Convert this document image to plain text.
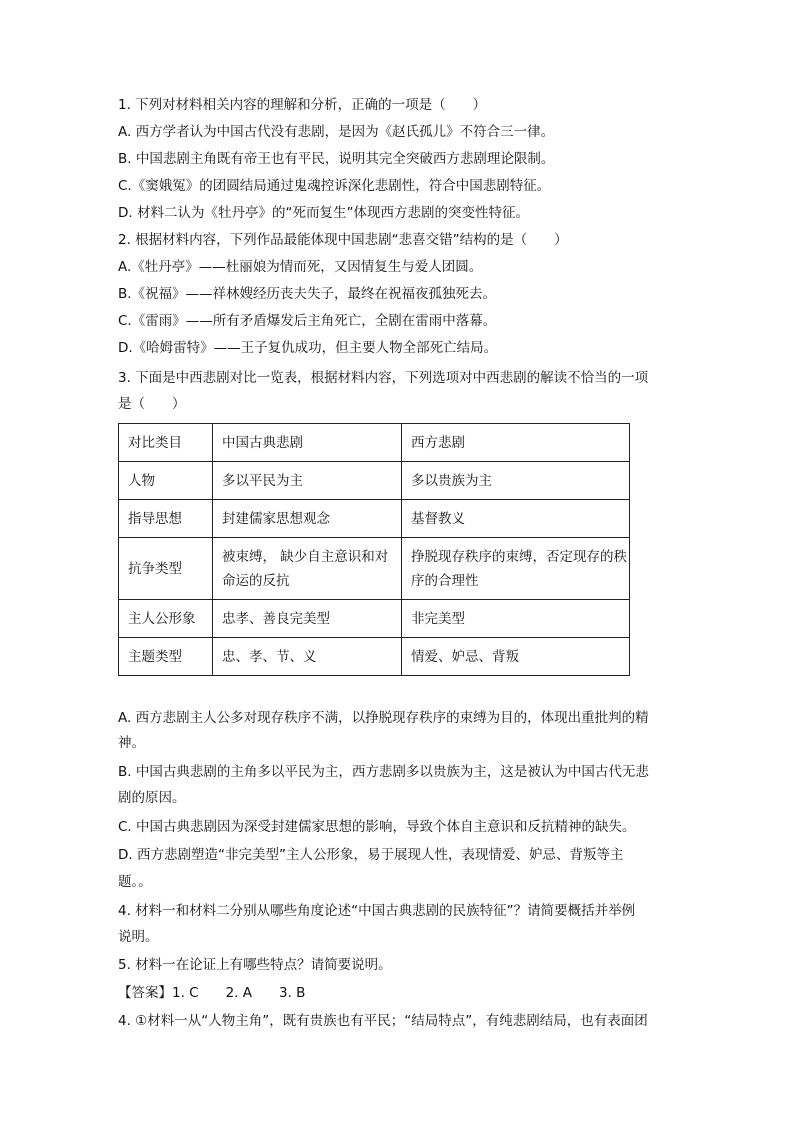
1. 下列对材料相关内容的理解和分析，正确的一项是（　　）
A. 西方学者认为中国古代没有悲剧，是因为《赵氏孤儿》不符合三一律。
B. 中国悲剧主角既有帝王也有平民，说明其完全突破西方悲剧理论限制。
C.《窦娥冤》的团圆结局通过鬼魂控诉深化悲剧性，符合中国悲剧特征。
D. 材料二认为《牡丹亭》的“死而复生”体现西方悲剧的突变性特征。
2. 根据材料内容，下列作品最能体现中国悲剧“悲喜交错”结构的是（　　）
A.《牡丹亭》——杜丽娘为情而死，又因情复生与爱人团圆。
B.《祝福》——祥林嫂经历丧夫失子，最终在祝福夜孤独死去。
C.《雷雨》——所有矛盾爆发后主角死亡，全剧在雷雨中落幕。
D.《哈姆雷特》——王子复仇成功，但主要人物全部死亡结局。
3. 下面是中西悲剧对比一览表，根据材料内容，下列选项对中西悲剧的解读不恰当的一项
是（　　）
对比类目	中国古典悲剧	西方悲剧
人物	多以平民为主	多以贵族为主
指导思想	封建儒家思想观念	基督教义
抗争类型	被束缚， 缺少自主意识和对命运的反抗	挣脱现存秩序的束缚，否定现存的秩序的合理性
主人公形象	忠孝、善良完美型	非完美型
主题类型	忠、孝、节、义	情爱、妒忌、背叛
A. 西方悲剧主人公多对现存秩序不满，以挣脱现存秩序的束缚为目的，体现出重批判的精
神。
B. 中国古典悲剧的主角多以平民为主，西方悲剧多以贵族为主，这是被认为中国古代无悲
剧的原因。
C. 中国古典悲剧因为深受封建儒家思想的影响，导致个体自主意识和反抗精神的缺失。
D. 西方悲剧塑造“非完美型”主人公形象，易于展现人性，表现情爱、妒忌、背叛等主
题。。
4. 材料一和材料二分别从哪些角度论述“中国古典悲剧的民族特征”？请简要概括并举例
说明。
5. 材料一在论证上有哪些特点？请简要说明。
【答案】1. C　　2. A　　3. B
4. ①材料一从“人物主角”，既有贵族也有平民；“结局特点”，有纯悲剧结局，也有表面团
